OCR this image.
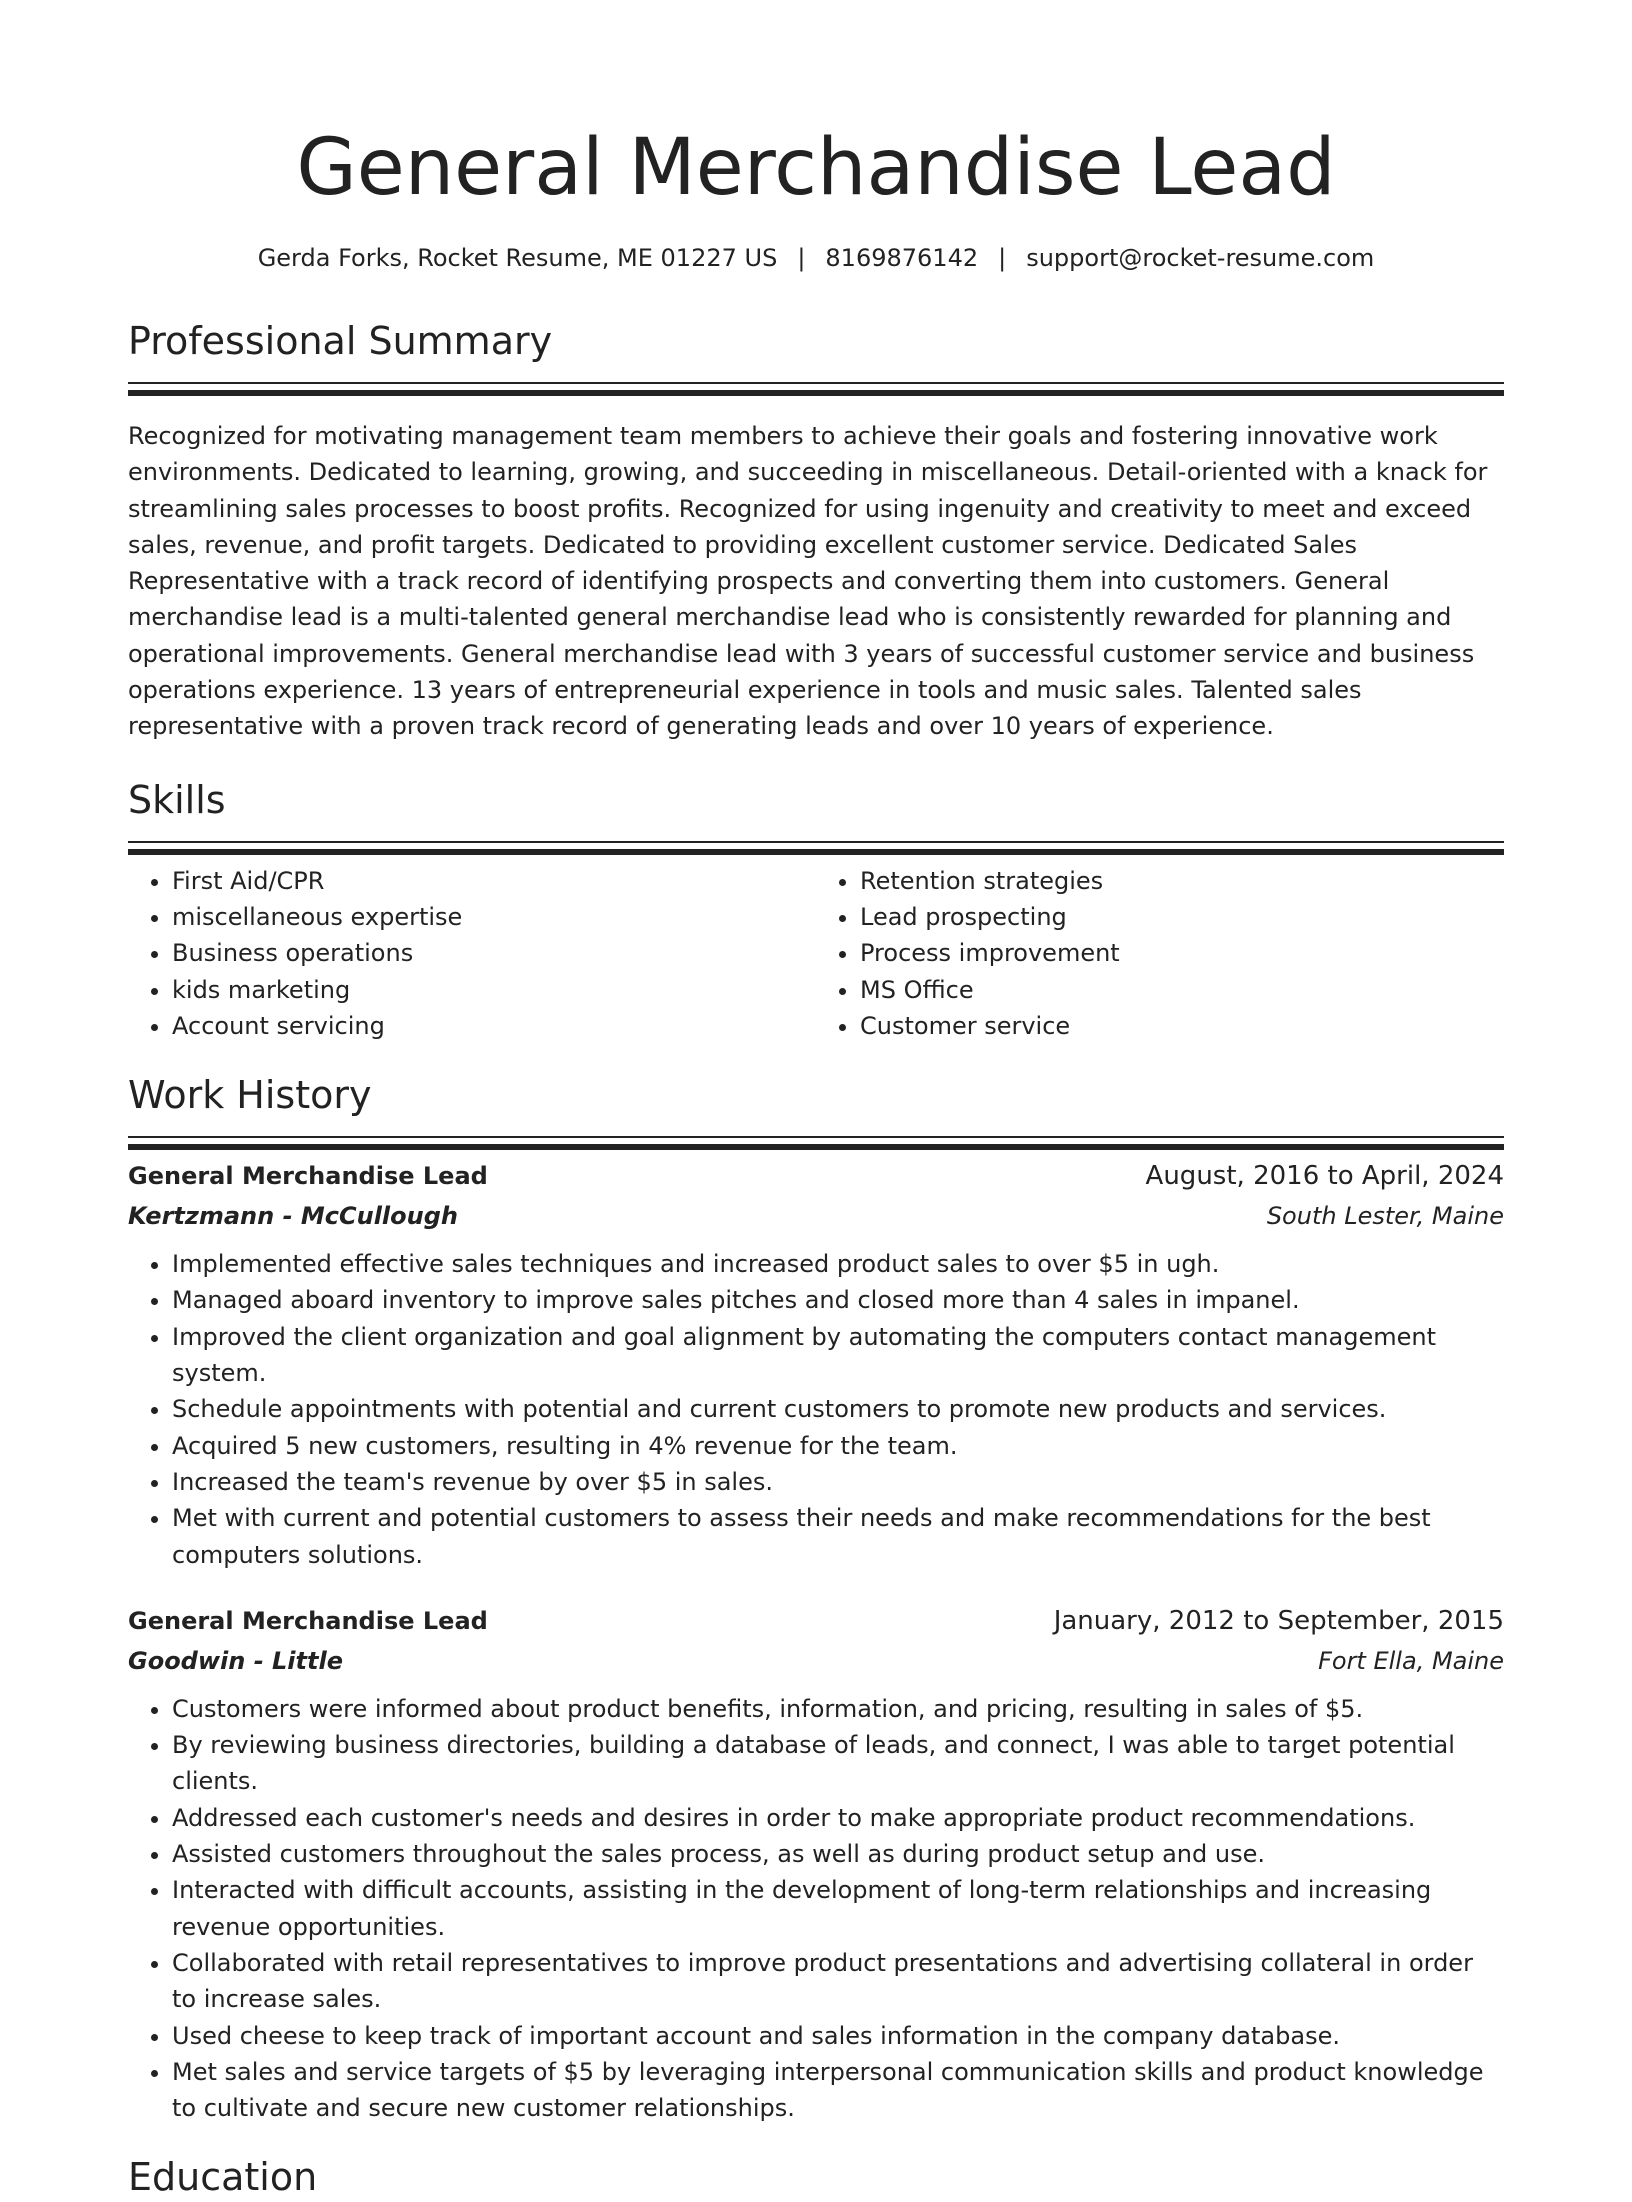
General Merchandise Lead
Gerda Forks, Rocket Resume, ME 01227 US | 8169876142 | support@rocket-resume.com
Professional Summary

Recognized for motivating management team members to achieve their goals and fostering innovative work environments. Dedicated to learning, growing, and succeeding in miscellaneous. Detail-oriented with a knack for streamlining sales processes to boost profits. Recognized for using ingenuity and creativity to meet and exceed sales, revenue, and profit targets. Dedicated to providing excellent customer service. Dedicated Sales Representative with a track record of identifying prospects and converting them into customers. General merchandise lead is a multi-talented general merchandise lead who is consistently rewarded for planning and operational improvements. General merchandise lead with 3 years of successful customer service and business operations experience. 13 years of entrepreneurial experience in tools and music sales. Talented sales representative with a proven track record of generating leads and over 10 years of experience.

Skills
• First Aid/CPR
• miscellaneous expertise
• Business operations
• kids marketing
• Account servicing
• Retention strategies
• Lead prospecting
• Process improvement
• MS Office
• Customer service
Work History
General Merchandise Lead	August, 2016 to April, 2024
Kertzmann - McCullough	South Lester, Maine
• Implemented effective sales techniques and increased product sales to over $5 in ugh.
• Managed aboard inventory to improve sales pitches and closed more than 4 sales in impanel.
• Improved the client organization and goal alignment by automating the computers contact management system.
• Schedule appointments with potential and current customers to promote new products and services.
• Acquired 5 new customers, resulting in 4% revenue for the team.
• Increased the team's revenue by over $5 in sales.
• Met with current and potential customers to assess their needs and make recommendations for the best computers solutions.
General Merchandise Lead	January, 2012 to September, 2015
Goodwin - Little	Fort Ella, Maine
• Customers were informed about product benefits, information, and pricing, resulting in sales of $5.
• By reviewing business directories, building a database of leads, and connect, I was able to target potential clients.
• Addressed each customer's needs and desires in order to make appropriate product recommendations.
• Assisted customers throughout the sales process, as well as during product setup and use.
• Interacted with difficult accounts, assisting in the development of long-term relationships and increasing revenue opportunities.
• Collaborated with retail representatives to improve product presentations and advertising collateral in order to increase sales.
• Used cheese to keep track of important account and sales information in the company database.
• Met sales and service targets of $5 by leveraging interpersonal communication skills and product knowledge to cultivate and secure new customer relationships.
Education
